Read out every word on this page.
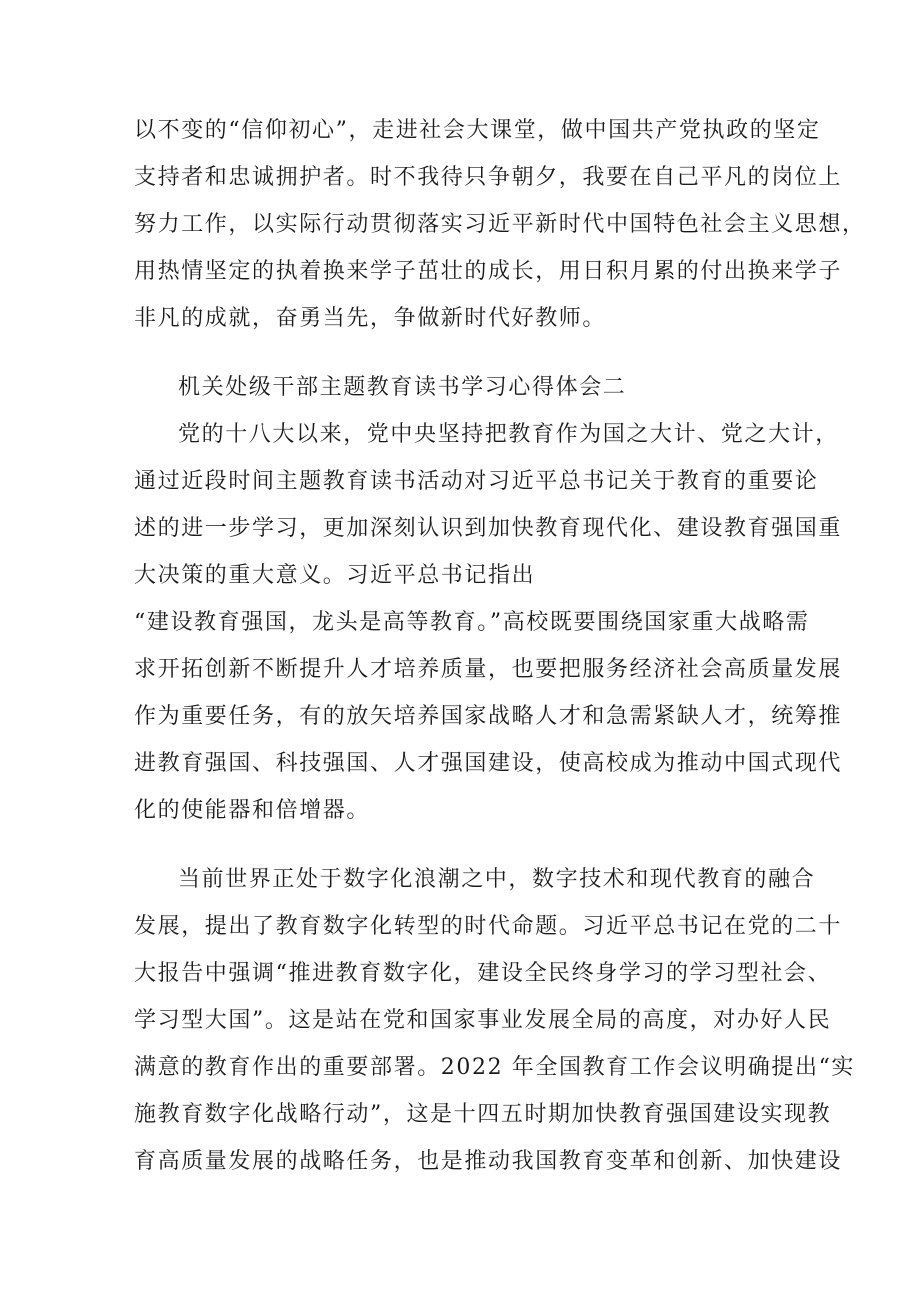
以不变的“信仰初心”，走进社会大课堂，做中国共产党执政的坚定
支持者和忠诚拥护者。时不我待只争朝夕，我要在自己平凡的岗位上
努力工作，以实际行动贯彻落实习近平新时代中国特色社会主义思想，
用热情坚定的执着换来学子茁壮的成长，用日积月累的付出换来学子
非凡的成就，奋勇当先，争做新时代好教师。
机关处级干部主题教育读书学习心得体会二
党的十八大以来，党中央坚持把教育作为国之大计、党之大计，
通过近段时间主题教育读书活动对习近平总书记关于教育的重要论
述的进一步学习，更加深刻认识到加快教育现代化、建设教育强国重
大决策的重大意义。习近平总书记指出
“建设教育强国，龙头是高等教育。”高校既要围绕国家重大战略需
求开拓创新不断提升人才培养质量，也要把服务经济社会高质量发展
作为重要任务，有的放矢培养国家战略人才和急需紧缺人才，统筹推
进教育强国、科技强国、人才强国建设，使高校成为推动中国式现代
化的使能器和倍增器。
当前世界正处于数字化浪潮之中，数字技术和现代教育的融合
发展，提出了教育数字化转型的时代命题。习近平总书记在党的二十
大报告中强调“推进教育数字化，建设全民终身学习的学习型社会、
学习型大国”。这是站在党和国家事业发展全局的高度，对办好人民
满意的教育作出的重要部署。2022 年全国教育工作会议明确提出“实
施教育数字化战略行动”，这是十四五时期加快教育强国建设实现教
育高质量发展的战略任务，也是推动我国教育变革和创新、加快建设
